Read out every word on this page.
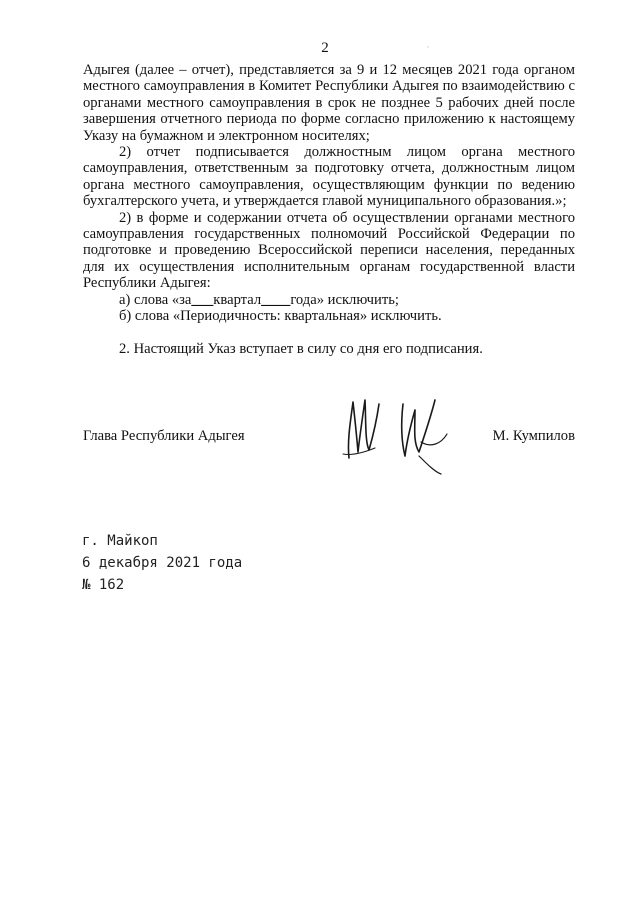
2	`

Адыгея (далее – отчет), представляется за 9 и 12 месяцев 2021 года органом местного самоуправления в Комитет Республики Адыгея по взаимодействию с органами местного самоуправления в срок не позднее 5 рабочих дней после завершения отчетного периода по форме согласно приложению к настоящему Указу на бумажном и электронном носителях;

2) отчет подписывается должностным лицом органа местного самоуправления, ответственным за подготовку отчета, должностным лицом органа местного самоуправления, осуществляющим функции по ведению бухгалтерского учета, и утверждается главой муниципального образования.»;

2) в форме и содержании отчета об осуществлении органами местного самоуправления государственных полномочий Российской Федерации по подготовке и проведению Всероссийской переписи населения, переданных для их осуществления исполнительным органам государственной власти Республики Адыгея:

а) слова «за___квартал____года» исключить;

б) слова «Периодичность: квартальная» исключить.

2. Настоящий Указ вступает в силу со дня его подписания.

Глава Республики Адыгея	М. Кумпилов
г. Майкоп
6 декабря 2021 года
№ 162
